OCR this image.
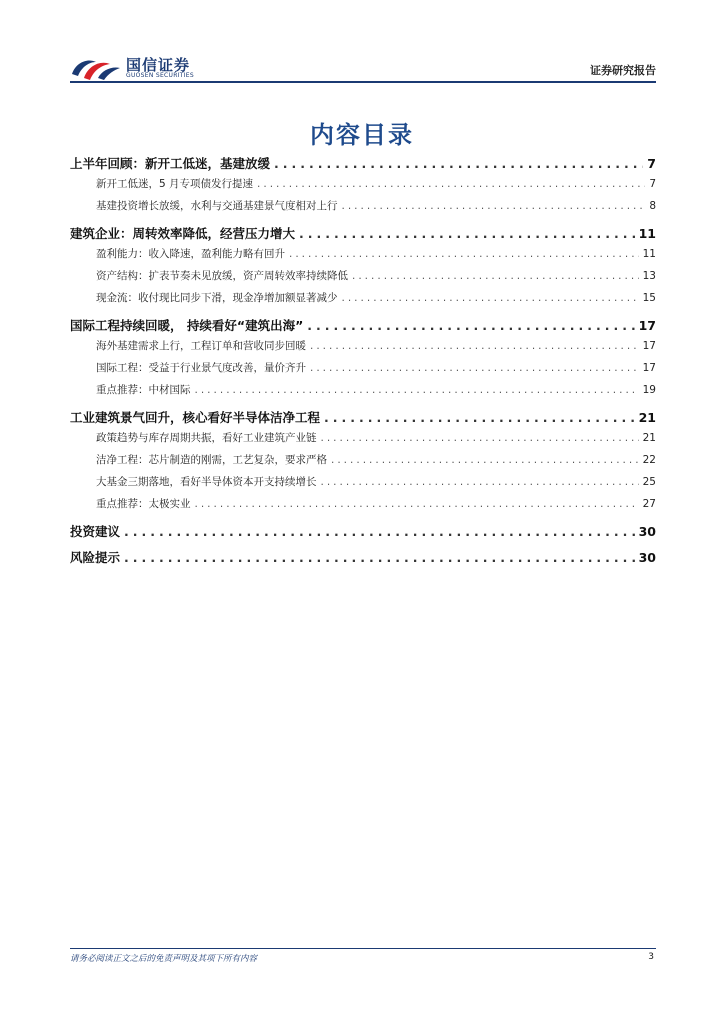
国信证券
GUOSEN SECURITIES	证券研究报告
内容目录
上半年回顾：新开工低迷，基建放缓 .....	7
新开工低迷，5 月专项债发行提速 .....	7
基建投资增长放缓，水利与交通基建景气度相对上行 .....	8
建筑企业：周转效率降低，经营压力增大 .....	11
盈利能力：收入降速，盈利能力略有回升 .....	11
资产结构：扩表节奏未见放缓，资产周转效率持续降低 .....	13
现金流：收付现比同步下滑，现金净增加额显著减少 .....	15
国际工程持续回暖， 持续看好“建筑出海” .....	17
海外基建需求上行，工程订单和营收同步回暖 .....	17
国际工程：受益于行业景气度改善，量价齐升 .....	17
重点推荐：中材国际 .....	19
工业建筑景气回升，核心看好半导体洁净工程 .....	21
政策趋势与库存周期共振，看好工业建筑产业链 .....	21
洁净工程：芯片制造的刚需，工艺复杂，要求严格 .....	22
大基金三期落地，看好半导体资本开支持续增长 .....	25
重点推荐：太极实业 .....	27
投资建议 .....	30
风险提示 .....	30
请务必阅读正文之后的免责声明及其项下所有内容	3
